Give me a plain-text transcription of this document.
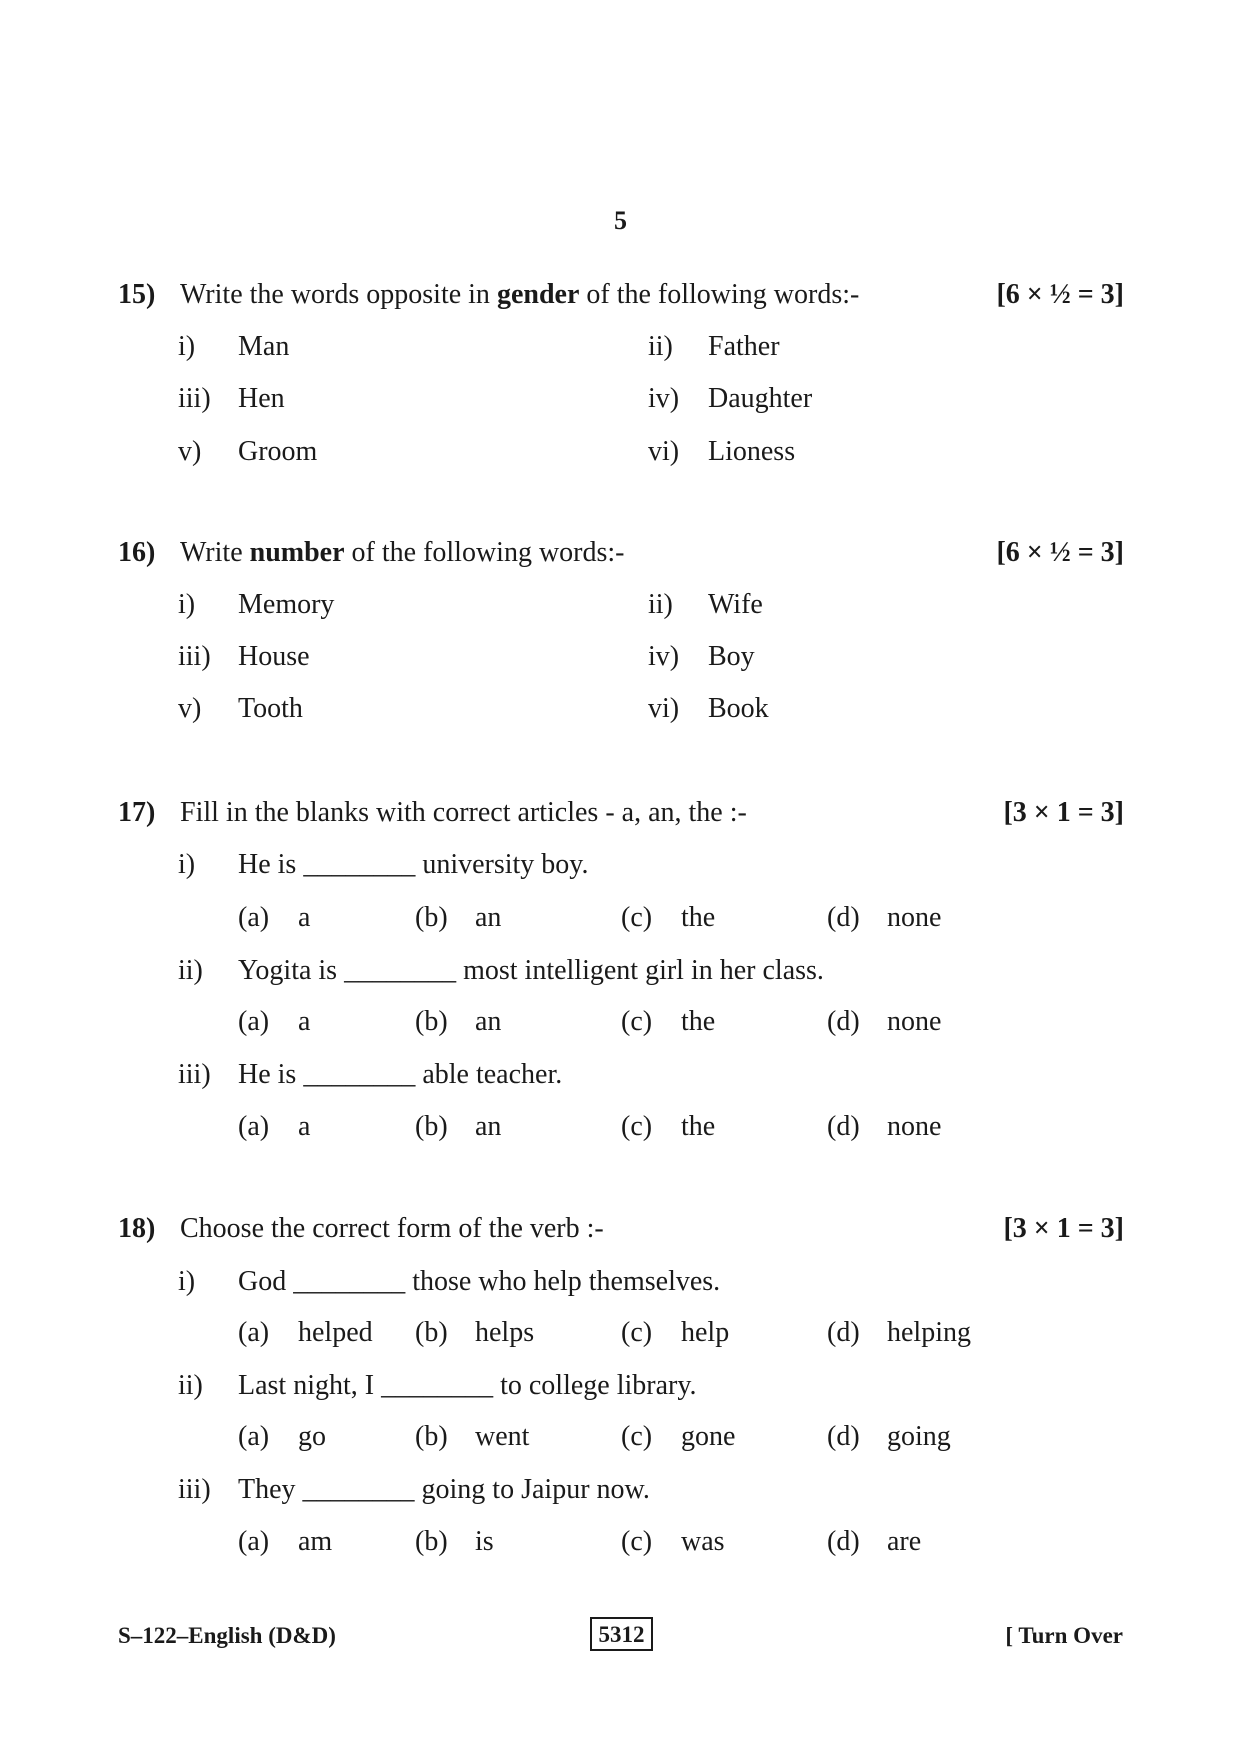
5
15) Write the words opposite in gender of the following words:-	[6 × ½ = 3]
i) Man	ii) Father
iii) Hen	iv) Daughter
v) Groom	vi) Lioness
16) Write number of the following words:-	[6 × ½ = 3]
i) Memory	ii) Wife
iii) House	iv) Boy
v) Tooth	vi) Book
17) Fill in the blanks with correct articles - a, an, the :-	[3 × 1 = 3]
i) He is ________ university boy.
(a) a	(b) an	(c) the	(d) none
ii) Yogita is ________ most intelligent girl in her class.
(a) a	(b) an	(c) the	(d) none
iii) He is ________ able teacher.
(a) a	(b) an	(c) the	(d) none
18) Choose the correct form of the verb :-	[3 × 1 = 3]
i) God ________ those who help themselves.
(a) helped (b) helps	(c) help	(d) helping
ii) Last night, I ________ to college library.
(a) go	(b) went	(c) gone	(d) going
iii) They ________ going to Jaipur now.
(a) am	(b) is	(c) was	(d) are
S–122–English (D&D)	5312	[ Turn Over
